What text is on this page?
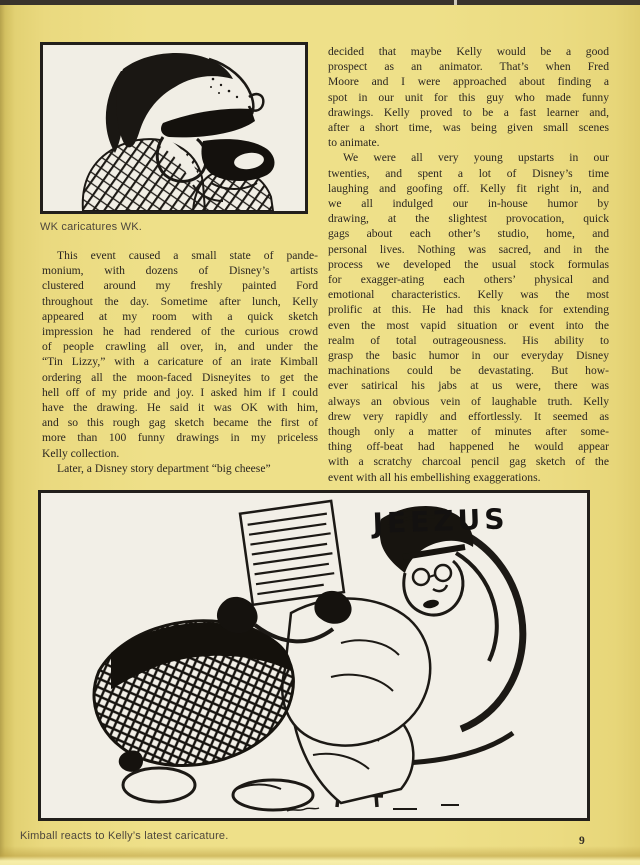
WK caricatures WK.
This event caused a small state of pande-
monium, with dozens of Disney’s artists
clustered around my freshly painted Ford
throughout the day. Sometime after lunch, Kelly
appeared at my room with a quick sketch
impression he had rendered of the curious crowd
of people crawling all over, in, and under the
“Tin Lizzy,” with a caricature of an irate Kimball
ordering all the moon-faced Disneyites to get the
hell off of my pride and joy. I asked him if I could
have the drawing. He said it was OK with him,
and so this rough gag sketch became the first of
more than 100 funny drawings in my priceless
Kelly collection.
Later, a Disney story department “big cheese”
decided that maybe Kelly would be a good
prospect as an animator. That’s when Fred
Moore and I were approached about finding a
spot in our unit for this guy who made funny
drawings. Kelly proved to be a fast learner and,
after a short time, was being given small scenes
to animate.
We were all very young upstarts in our
twenties, and spent a lot of Disney’s time
laughing and goofing off. Kelly fit right in, and
we all indulged our in-house humor by
drawing, at the slightest provocation, quick
gags about each other’s studio, home, and
personal lives. Nothing was sacred, and in the
process we developed the usual stock formulas
for exagger-ating each others’ physical and
emotional characteristics. Kelly was the most
prolific at this. He had this knack for extending
even the most vapid situation or event into the
realm of total outrageousness. His ability to
grasp the basic humor in our everyday Disney
machinations could be devastating. But how-
ever satirical his jabs at us were, there was
always an obvious vein of laughable truth. Kelly
drew very rapidly and effortlessly. It seemed as
though only a matter of minutes after some-
thing off-beat had happened he would appear
with a scratchy charcoal pencil gag sketch of the
event with all his embellishing exaggerations.
JEEZUS
Kimball reacts to Kelly’s latest caricature.	9
